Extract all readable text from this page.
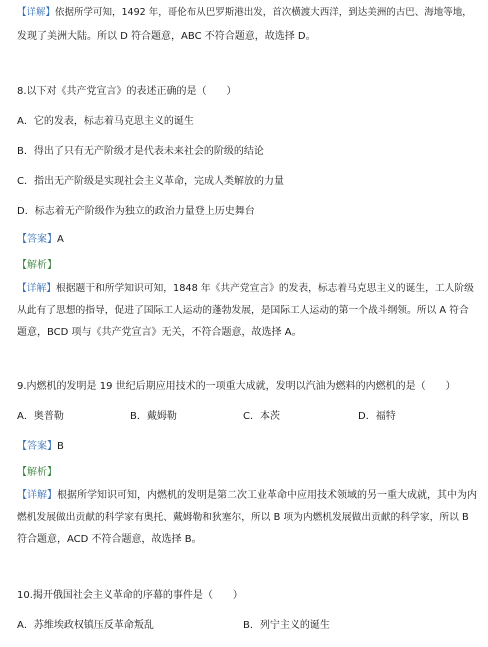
【详解】依据所学可知，1492 年，哥伦布从巴罗斯港出发，首次横渡大西洋，到达美洲的古巴、海地等地，
发现了美洲大陆。所以 D 符合题意，ABC 不符合题意，故选择 D。
8.以下对《共产党宣言》的表述正确的是（　　）
A．它的发表，标志着马克思主义的诞生
B．得出了只有无产阶级才是代表未来社会的阶级的结论
C．指出无产阶级是实现社会主义革命，完成人类解放的力量
D．标志着无产阶级作为独立的政治力量登上历史舞台
【答案】A
【解析】
【详解】根据题干和所学知识可知，1848 年《共产党宣言》的发表，标志着马克思主义的诞生，工人阶级
从此有了思想的指导，促进了国际工人运动的蓬勃发展，是国际工人运动的第一个战斗纲领。所以 A 符合
题意，BCD 项与《共产党宣言》无关，不符合题意，故选择 A。
9.内燃机的发明是 19 世纪后期应用技术的一项重大成就，发明以汽油为燃料的内燃机的是（　　）
A．奥普勒	B．戴姆勒	C．本茨	D．福特
【答案】B
【解析】
【详解】根据所学知识可知，内燃机的发明是第二次工业革命中应用技术领域的另一重大成就，其中为内
燃机发展做出贡献的科学家有奥托、戴姆勒和狄塞尔，所以 B 项为内燃机发展做出贡献的科学家，所以 B
符合题意，ACD 不符合题意，故选择 B。
10.揭开俄国社会主义革命的序幕的事件是（　　）
A．苏维埃政权镇压反革命叛乱	B．列宁主义的诞生
